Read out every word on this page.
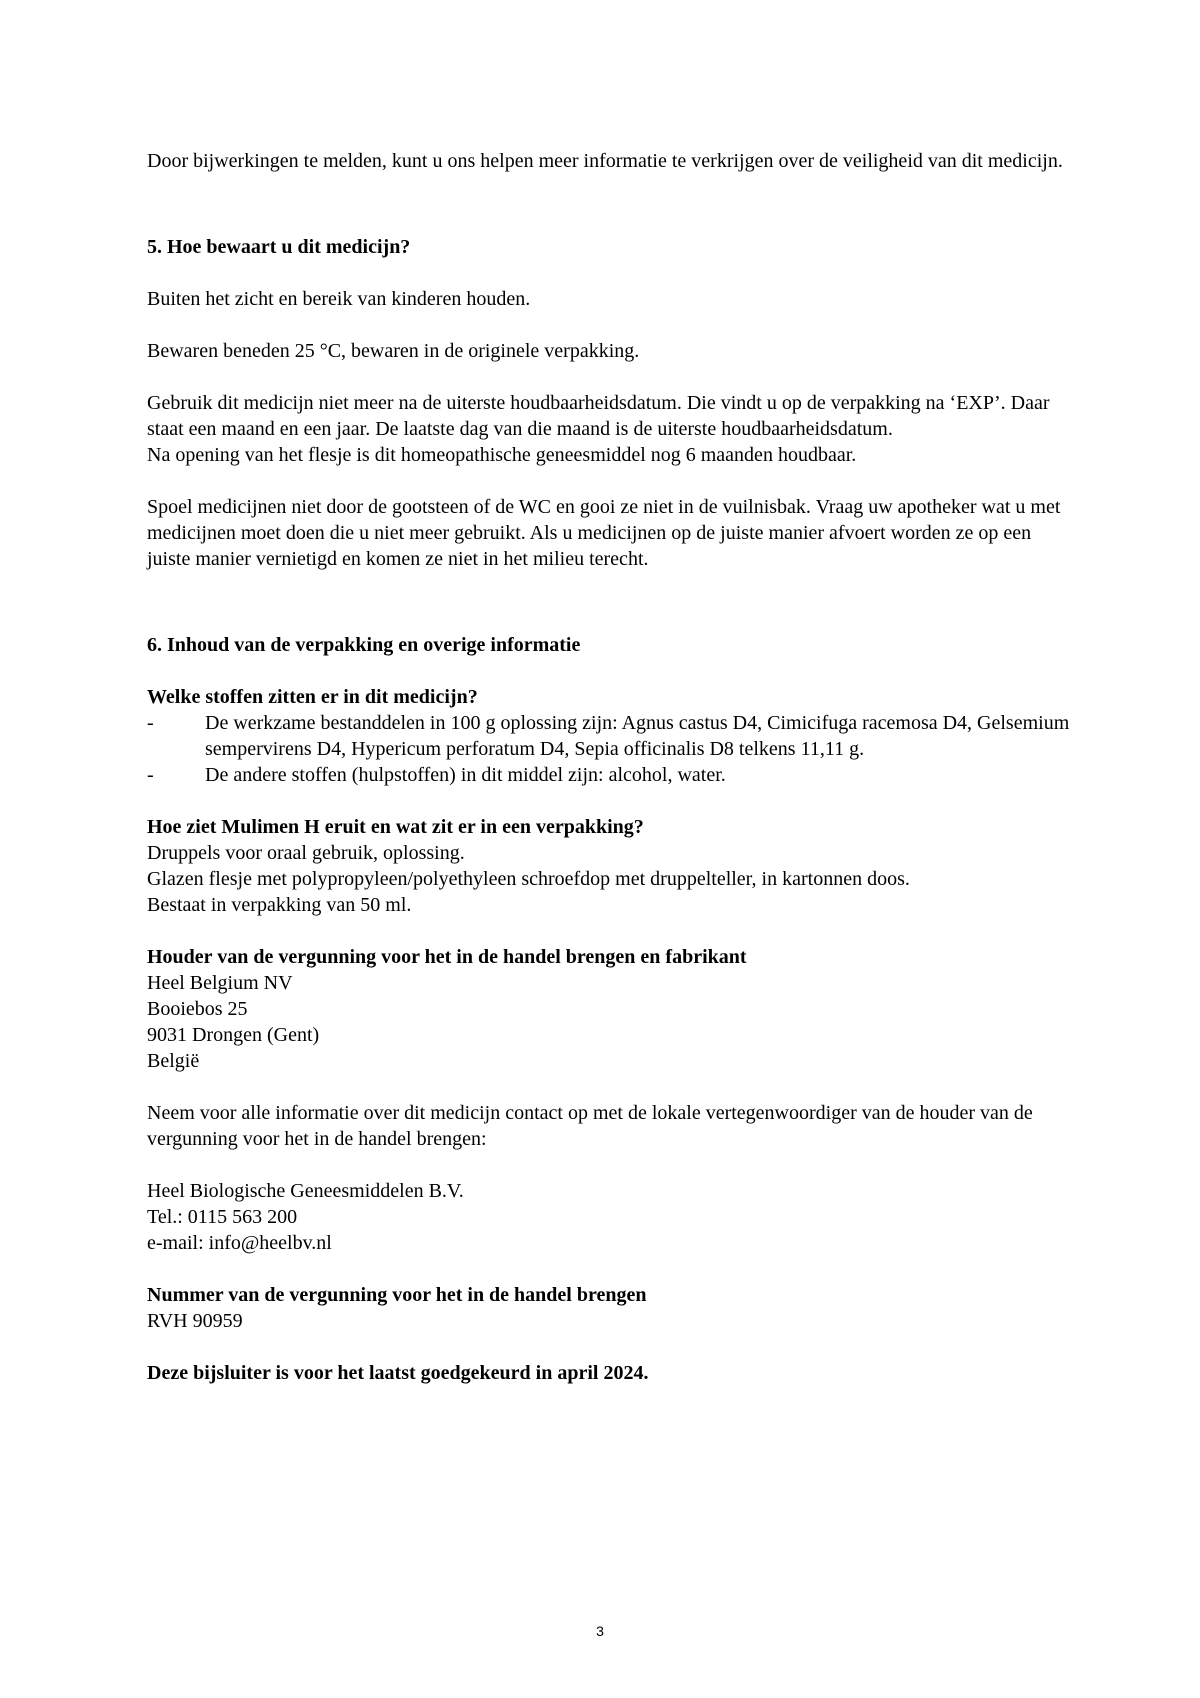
Door bijwerkingen te melden, kunt u ons helpen meer informatie te verkrijgen over de veiligheid van dit medicijn.

5. Hoe bewaart u dit medicijn?

Buiten het zicht en bereik van kinderen houden.

Bewaren beneden 25 °C, bewaren in de originele verpakking.

Gebruik dit medicijn niet meer na de uiterste houdbaarheidsdatum. Die vindt u op de verpakking na ‘EXP’. Daar staat een maand en een jaar. De laatste dag van die maand is de uiterste houdbaarheidsdatum.

Na opening van het flesje is dit homeopathische geneesmiddel nog 6 maanden houdbaar.

Spoel medicijnen niet door de gootsteen of de WC en gooi ze niet in de vuilnisbak. Vraag uw apotheker wat u met medicijnen moet doen die u niet meer gebruikt. Als u medicijnen op de juiste manier afvoert worden ze op een juiste manier vernietigd en komen ze niet in het milieu terecht.

6. Inhoud van de verpakking en overige informatie

Welke stoffen zitten er in dit medicijn?

-	De werkzame bestanddelen in 100 g oplossing zijn: Agnus castus D4, Cimicifuga racemosa D4, Gelsemium sempervirens D4, Hypericum perforatum D4, Sepia officinalis D8 telkens 11,11 g.
-	De andere stoffen (hulpstoffen) in dit middel zijn: alcohol, water.

Hoe ziet Mulimen H eruit en wat zit er in een verpakking?

Druppels voor oraal gebruik, oplossing.

Glazen flesje met polypropyleen/polyethyleen schroefdop met druppelteller, in kartonnen doos.

Bestaat in verpakking van 50 ml.

Houder van de vergunning voor het in de handel brengen en fabrikant

Heel Belgium NV

Booiebos 25

9031 Drongen (Gent)

België

Neem voor alle informatie over dit medicijn contact op met de lokale vertegenwoordiger van de houder van de vergunning voor het in de handel brengen:

Heel Biologische Geneesmiddelen B.V.

Tel.: 0115 563 200

e-mail: info@heelbv.nl

Nummer van de vergunning voor het in de handel brengen

RVH 90959

Deze bijsluiter is voor het laatst goedgekeurd in april 2024.

3
